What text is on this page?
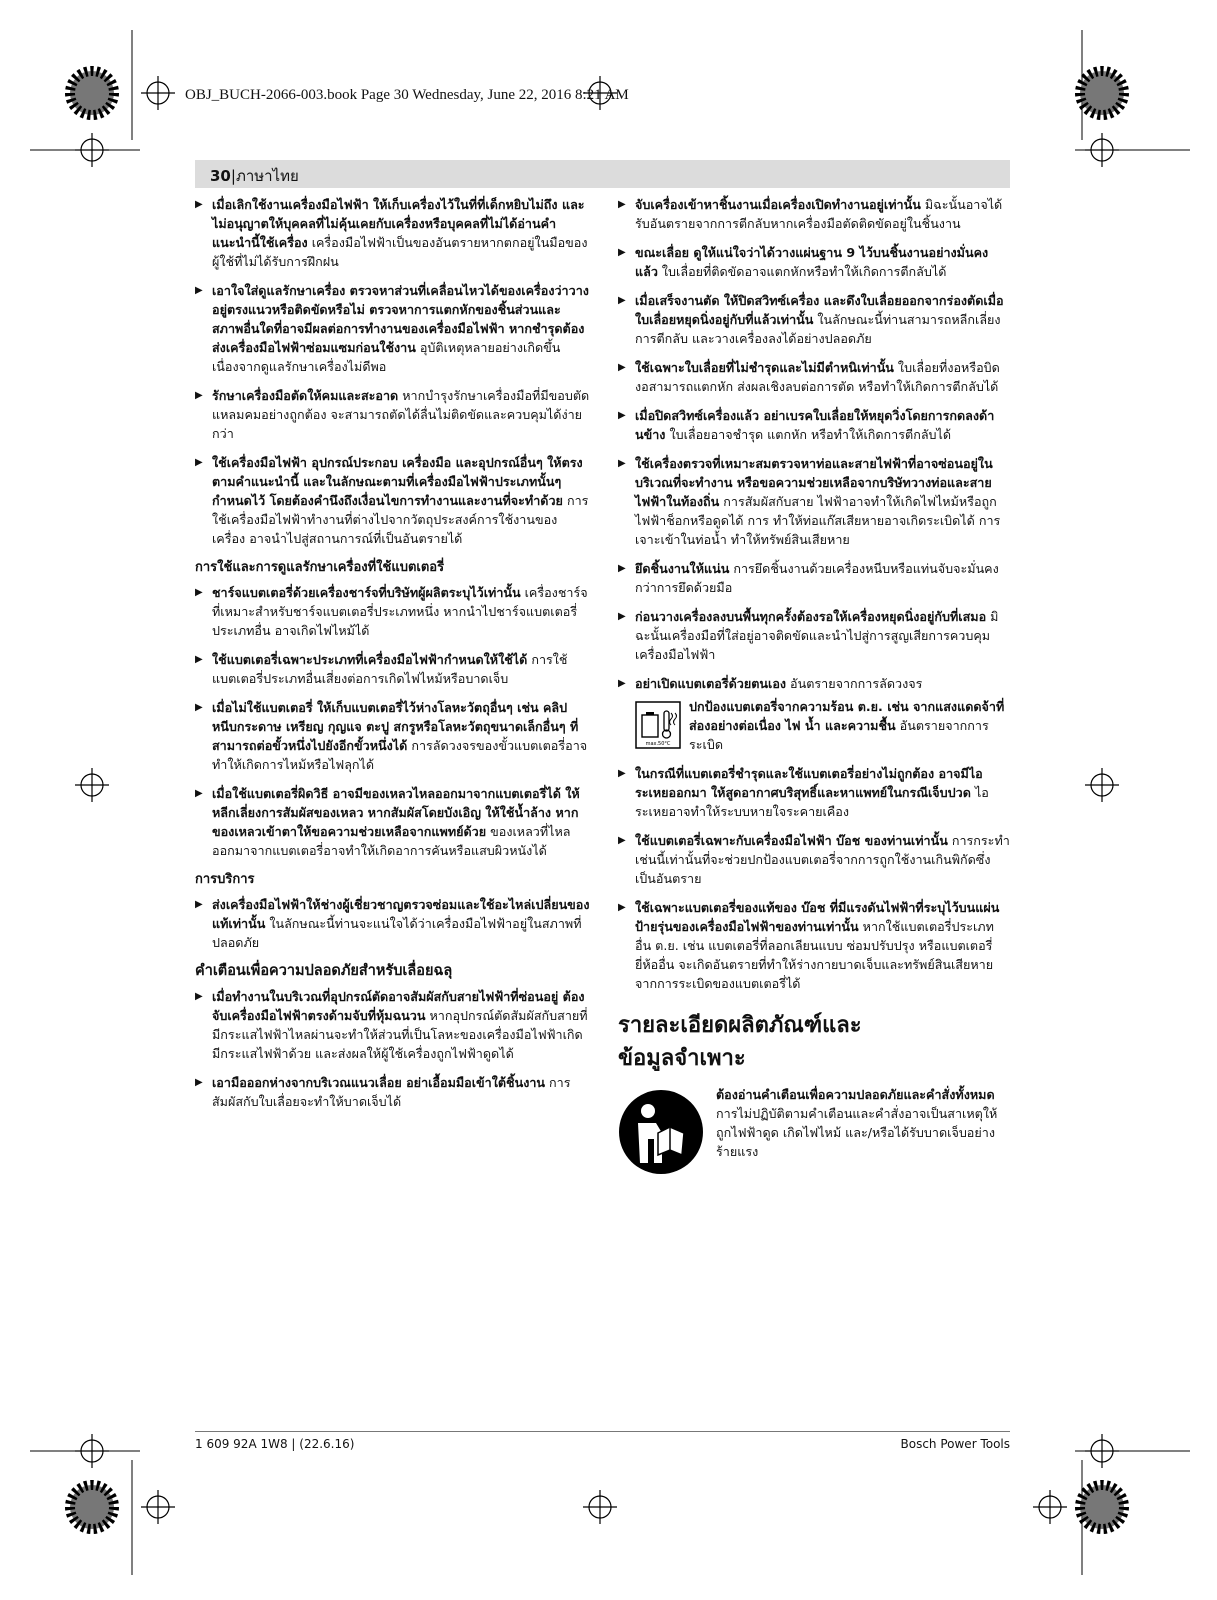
OBJ_BUCH-2066-003.book Page 30 Wednesday, June 22, 2016 8:21 AM
30|ภาษาไทย
▶ เมื่อเลิกใช้งานเครื่องมือไฟฟ้า ให้เก็บเครื่องไว้ในที่ที่เด็กหยิบไม่ถึง และไม่อนุญาตให้บุคคลที่ไม่คุ้นเคยกับเครื่องหรือบุคคลที่ไม่ได้อ่านคำแนะนำนี้ใช้เครื่อง เครื่องมือไฟฟ้าเป็นของอันตรายหากตกอยู่ในมือของผู้ใช้ที่ไม่ได้รับการฝึกฝน
▶ เอาใจใส่ดูแลรักษาเครื่อง ตรวจหาส่วนที่เคลื่อนไหวได้ของเครื่องว่าวางอยู่ตรงแนวหรือติดขัดหรือไม่ ตรวจหาการแตกหักของชิ้นส่วนและสภาพอื่นใดที่อาจมีผลต่อการทำงานของเครื่องมือไฟฟ้า หากชำรุดต้องส่งเครื่องมือไฟฟ้าซ่อมแซมก่อนใช้งาน อุบัติเหตุหลายอย่างเกิดขึ้นเนื่องจากดูแลรักษาเครื่องไม่ดีพอ
▶ รักษาเครื่องมือตัดให้คมและสะอาด หากบำรุงรักษาเครื่องมือที่มีขอบตัดแหลมคมอย่างถูกต้อง จะสามารถตัดได้ลื่นไม่ติดขัดและควบคุมได้ง่ายกว่า
▶ ใช้เครื่องมือไฟฟ้า อุปกรณ์ประกอบ เครื่องมือ และอุปกรณ์อื่นๆ ให้ตรงตามคำแนะนำนี้ และในลักษณะตามที่เครื่องมือไฟฟ้าประเภทนั้นๆ กำหนดไว้ โดยต้องคำนึงถึงเงื่อนไขการทำงานและงานที่จะทำด้วย การใช้เครื่องมือไฟฟ้าทำงานที่ต่างไปจากวัตถุประสงค์การใช้งานของเครื่อง อาจนำไปสู่สถานการณ์ที่เป็นอันตรายได้
การใช้และการดูแลรักษาเครื่องที่ใช้แบตเตอรี่
▶ ชาร์จแบตเตอรี่ด้วยเครื่องชาร์จที่บริษัทผู้ผลิตระบุไว้เท่านั้น เครื่องชาร์จที่เหมาะสำหรับชาร์จแบตเตอรี่ประเภทหนึ่ง หากนำไปชาร์จแบตเตอรี่ประเภทอื่น อาจเกิดไฟไหม้ได้
▶ ใช้แบตเตอรี่เฉพาะประเภทที่เครื่องมือไฟฟ้ากำหนดให้ใช้ได้ การใช้แบตเตอรี่ประเภทอื่นเสี่ยงต่อการเกิดไฟไหม้หรือบาดเจ็บ
▶ เมื่อไม่ใช้แบตเตอรี่ ให้เก็บแบตเตอรี่ไว้ห่างโลหะวัตถุอื่นๆ เช่น คลิปหนีบกระดาษ เหรียญ กุญแจ ตะปู สกรูหรือโลหะวัตถุขนาดเล็กอื่นๆ ที่สามารถต่อขั้วหนึ่งไปยังอีกขั้วหนึ่งได้ การลัดวงจรของขั้วแบตเตอรี่อาจทำให้เกิดการไหม้หรือไฟลุกได้
▶ เมื่อใช้แบตเตอรี่ผิดวิธี อาจมีของเหลวไหลออกมาจากแบตเตอรี่ได้ ให้หลีกเลี่ยงการสัมผัสของเหลว หากสัมผัสโดยบังเอิญ ให้ใช้น้ำล้าง หากของเหลวเข้าตาให้ขอความช่วยเหลือจากแพทย์ด้วย ของเหลวที่ไหลออกมาจากแบตเตอรี่อาจทำให้เกิดอาการคันหรือแสบผิวหนังได้
การบริการ
▶ ส่งเครื่องมือไฟฟ้าให้ช่างผู้เชี่ยวชาญตรวจซ่อมและใช้อะไหล่เปลี่ยนของแท้เท่านั้น ในลักษณะนี้ท่านจะแน่ใจได้ว่าเครื่องมือไฟฟ้าอยู่ในสภาพที่ปลอดภัย
คำเตือนเพื่อความปลอดภัยสำหรับเลื่อยฉลุ
▶ เมื่อทำงานในบริเวณที่อุปกรณ์ตัดอาจสัมผัสกับสายไฟฟ้าที่ซ่อนอยู่ ต้องจับเครื่องมือไฟฟ้าตรงด้ามจับที่หุ้มฉนวน หากอุปกรณ์ตัดสัมผัสกับสายที่มีกระแสไฟฟ้าไหลผ่านจะทำให้ส่วนที่เป็นโลหะของเครื่องมือไฟฟ้าเกิดมีกระแสไฟฟ้าด้วย และส่งผลให้ผู้ใช้เครื่องถูกไฟฟ้าดูดได้
▶ เอามือออกห่างจากบริเวณแนวเลื่อย อย่าเอื้อมมือเข้าใต้ชิ้นงาน การสัมผัสกับใบเลื่อยจะทำให้บาดเจ็บได้
▶ จับเครื่องเข้าหาชิ้นงานเมื่อเครื่องเปิดทำงานอยู่เท่านั้น มิฉะนั้นอาจได้รับอันตรายจากการตีกลับหากเครื่องมือตัดติดขัดอยู่ในชิ้นงาน
▶ ขณะเลื่อย ดูให้แน่ใจว่าได้วางแผ่นฐาน 9 ไว้บนชิ้นงานอย่างมั่นคงแล้ว ใบเลื่อยที่ติดขัดอาจแตกหักหรือทำให้เกิดการตีกลับได้
▶ เมื่อเสร็จงานตัด ให้ปิดสวิทซ์เครื่อง และดึงใบเลื่อยออกจากร่องตัดเมื่อใบเลื่อยหยุดนิ่งอยู่กับที่แล้วเท่านั้น ในลักษณะนี้ท่านสามารถหลีกเลี่ยงการตีกลับ และวางเครื่องลงได้อย่างปลอดภัย
▶ ใช้เฉพาะใบเลื่อยที่ไม่ชำรุดและไม่มีตำหนิเท่านั้น ใบเลื่อยที่งอหรือบิดงอสามารถแตกหัก ส่งผลเชิงลบต่อการตัด หรือทำให้เกิดการตีกลับได้
▶ เมื่อปิดสวิทซ์เครื่องแล้ว อย่าเบรคใบเลื่อยให้หยุดวิ่งโดยการกดลงด้านข้าง ใบเลื่อยอาจชำรุด แตกหัก หรือทำให้เกิดการตีกลับได้
▶ ใช้เครื่องตรวจที่เหมาะสมตรวจหาท่อและสายไฟฟ้าที่อาจซ่อนอยู่ในบริเวณที่จะทำงาน หรือขอความช่วยเหลือจากบริษัทวางท่อและสายไฟฟ้าในท้องถิ่น การสัมผัสกับสาย ไฟฟ้าอาจทำให้เกิดไฟไหม้หรือถูกไฟฟ้าช็อกหรือดูดได้ การ ทำให้ท่อแก๊สเสียหายอาจเกิดระเบิดได้ การเจาะเข้าในท่อน้ำ ทำให้ทรัพย์สินเสียหาย
▶ ยึดชิ้นงานให้แน่น การยึดชิ้นงานด้วยเครื่องหนีบหรือแท่นจับจะมั่นคงกว่าการยึดด้วยมือ
▶ ก่อนวางเครื่องลงบนพื้นทุกครั้งต้องรอให้เครื่องหยุดนิ่งอยู่กับที่เสมอ มิฉะนั้นเครื่องมือที่ใส่อยู่อาจติดขัดและนำไปสู่การสูญเสียการควบคุมเครื่องมือไฟฟ้า
▶ อย่าเปิดแบตเตอรี่ด้วยตนเอง อันตรายจากการลัดวงจร
max.50°C
ปกป้องแบตเตอรี่จากความร้อน ต.ย. เช่น จากแสงแดดจ้าที่ส่องอย่างต่อเนื่อง ไฟ น้ำ และความชื้น อันตรายจากการระเบิด
▶ ในกรณีที่แบตเตอรี่ชำรุดและใช้แบตเตอรี่อย่างไม่ถูกต้อง อาจมีไอระเหยออกมา ให้สูดอากาศบริสุทธิ์และหาแพทย์ในกรณีเจ็บปวด ไอระเหยอาจทำให้ระบบหายใจระคายเคือง
▶ ใช้แบตเตอรี่เฉพาะกับเครื่องมือไฟฟ้า บ๊อช ของท่านเท่านั้น การกระทำเช่นนี้เท่านั้นที่จะช่วยปกป้องแบตเตอรี่จากการถูกใช้งานเกินพิกัดซึ่งเป็นอันตราย
▶ ใช้เฉพาะแบตเตอรี่ของแท้ของ บ๊อช ที่มีแรงดันไฟฟ้าที่ระบุไว้บนแผ่นป้ายรุ่นของเครื่องมือไฟฟ้าของท่านเท่านั้น หากใช้แบตเตอรี่ประเภทอื่น ต.ย. เช่น แบตเตอรี่ที่ลอกเลียนแบบ ซ่อมปรับปรุง หรือแบตเตอรี่ยี่ห้ออื่น จะเกิดอันตรายที่ทำให้ร่างกายบาดเจ็บและทรัพย์สินเสียหายจากการระเบิดของแบตเตอรี่ได้
รายละเอียดผลิตภัณฑ์และ
ข้อมูลจำเพาะ
ต้องอ่านคำเตือนเพื่อความปลอดภัยและคำสั่งทั้งหมด การไม่ปฏิบัติตามคำเตือนและคำสั่งอาจเป็นสาเหตุให้ถูกไฟฟ้าดูด เกิดไฟไหม้ และ/หรือได้รับบาดเจ็บอย่างร้ายแรง
1 609 92A 1W8 | (22.6.16)	Bosch Power Tools
